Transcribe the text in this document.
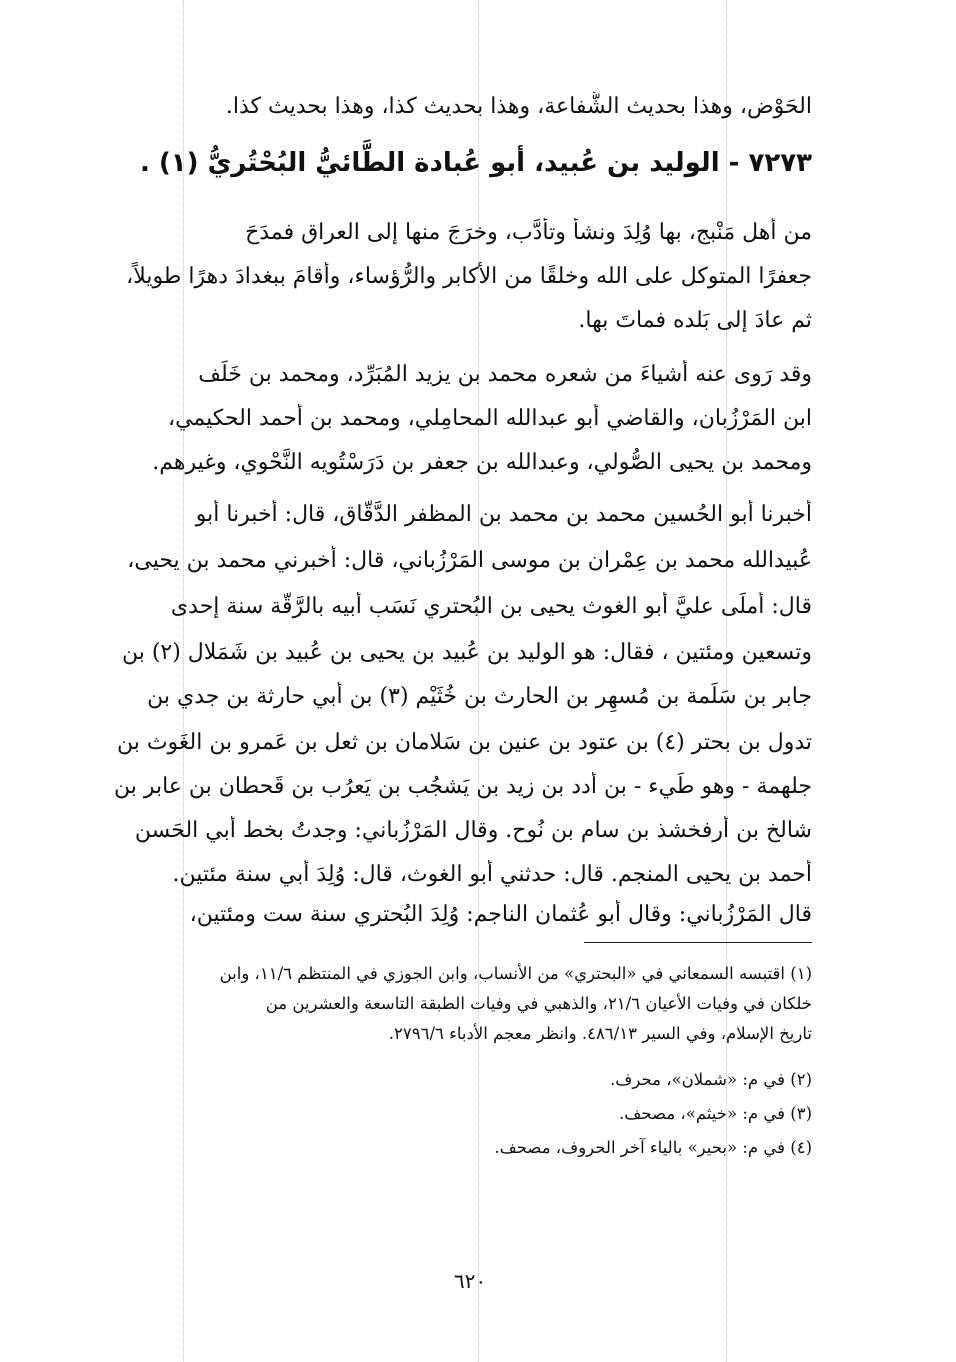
الحَوْض، وهذا بحديث الشَّفاعة، وهذا بحديث كذا، وهذا بحديث كذا.
٧٢٧٣ - الوليد بن عُبيد، أبو عُبادة الطَّائيُّ البُحْتُريُّ (١) .
من أهل مَنْبج، بها وُلِدَ ونشأ وتأدَّب، وخرَجَ منها إلى العراق فمدَحَ
جعفرًا المتوكل على الله وخلقًا من الأكابر والرُّؤساء، وأقامَ ببغدادَ دهرًا طويلاً،
ثم عادَ إلى بَلده فماتَ بها.
وقد رَوى عنه أشياءَ من شعره محمد بن يزيد المُبَرِّد، ومحمد بن خَلَف
ابن المَرْزُبان، والقاضي أبو عبدالله المحامِلي، ومحمد بن أحمد الحكيمي،
ومحمد بن يحيى الصُّولي، وعبدالله بن جعفر بن دَرَسْتُويه النَّحْوي، وغيرهم.
أخبرنا أبو الحُسين محمد بن محمد بن المظفر الدَّقَّاق، قال: أخبرنا أبو
عُبيدالله محمد بن عِمْران بن موسى المَرْزُباني، قال: أخبرني محمد بن يحيى،
قال: أملَى عليَّ أبو الغوث يحيى بن البُحتري نَسَب أبيه بالرَّقَّة سنة إحدى
وتسعين ومئتين ، فقال: هو الوليد بن عُبيد بن يحيى بن عُبيد بن شَمَلال (٢) بن
جابر بن سَلَمة بن مُسهِر بن الحارث بن خُثَيْم (٣) بن أبي حارثة بن جدي بن
تدول بن بحتر (٤) بن عتود بن عنين بن سَلامان بن ثعل بن عَمرو بن الغَوث بن
جلهمة - وهو طَيء - بن أُدد بن زيد بن يَشجُب بن يَعرُب بن قَحطان بن عابر بن
شالخ بن أرفخشذ بن سام بن نُوح. وقال المَرْزُباني: وجدتُ بخط أبي الحَسن
أحمد بن يحيى المنجم. قال: حدثني أبو الغوث، قال: وُلِدَ أبي سنة مئتين.
قال المَرْزُباني: وقال أبو عُثمان الناجم: وُلِدَ البُحتري سنة ست ومئتين،
(١) اقتبسه السمعاني في «البحتري» من الأنساب، وابن الجوزي في المنتظم ١١/٦، وابن
خلكان في وفيات الأعيان ٢١/٦، والذهبي في وفيات الطبقة التاسعة والعشرين من
تاريخ الإسلام، وفي السير ٤٨٦/١٣. وانظر معجم الأدباء ٢٧٩٦/٦.
(٢) في م: «شملان»، محرف.
(٣) في م: «خيثم»، مصحف.
(٤) في م: «بحير» بالياء آخر الحروف، مصحف.
٦٢٠
